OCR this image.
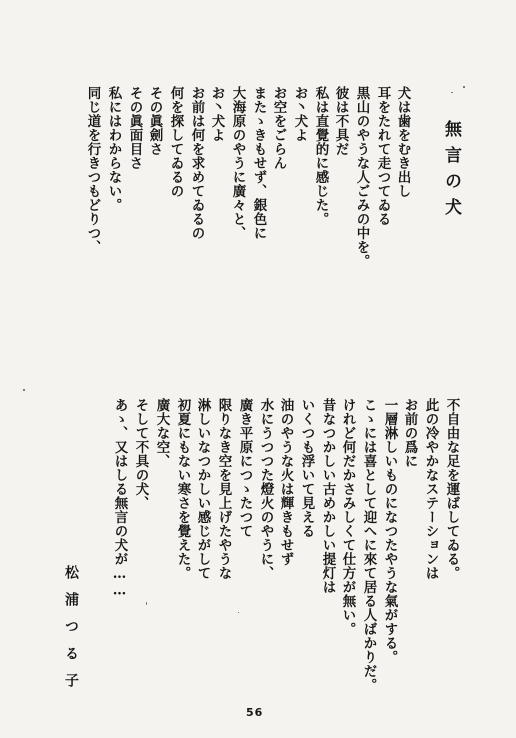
無言の犬
犬は歯をむき出し
耳をたれて走つてゐる
黒山のやうな人ごみの中を。
彼は不具だ
私は直覺的に感じた。
お丶犬よ
お空をごらん
またゝきもせず、銀色に
大海原のやうに廣々と、
お丶犬よ
お前は何を求めてゐるの
何を探してゐるの
その眞劍さ
その眞面目さ
私にはわからない。
同じ道を行きつもどりつ、
不自由な足を運ばしてゐる。
此の冷やかなステーションは
お前の爲に
一層淋しいものになつたやうな氣がする。
こゝには喜として迎へに來て居る人ばかりだ。
けれど何だかさみしくて仕方が無い。
昔なつかしい古めかしい提灯は
いくつも浮いて見える
油のやうな火は輝きもせず
水にうつつた燈火のやうに、
廣き平原につゝたつて
限りなき空を見上げたやうな
淋しいなつかしい感じがして
初夏にもない寒さを覺えた。
廣大な空、
そして不具の犬、
あゝ、又はしる無言の犬が……
松浦つる子
56
